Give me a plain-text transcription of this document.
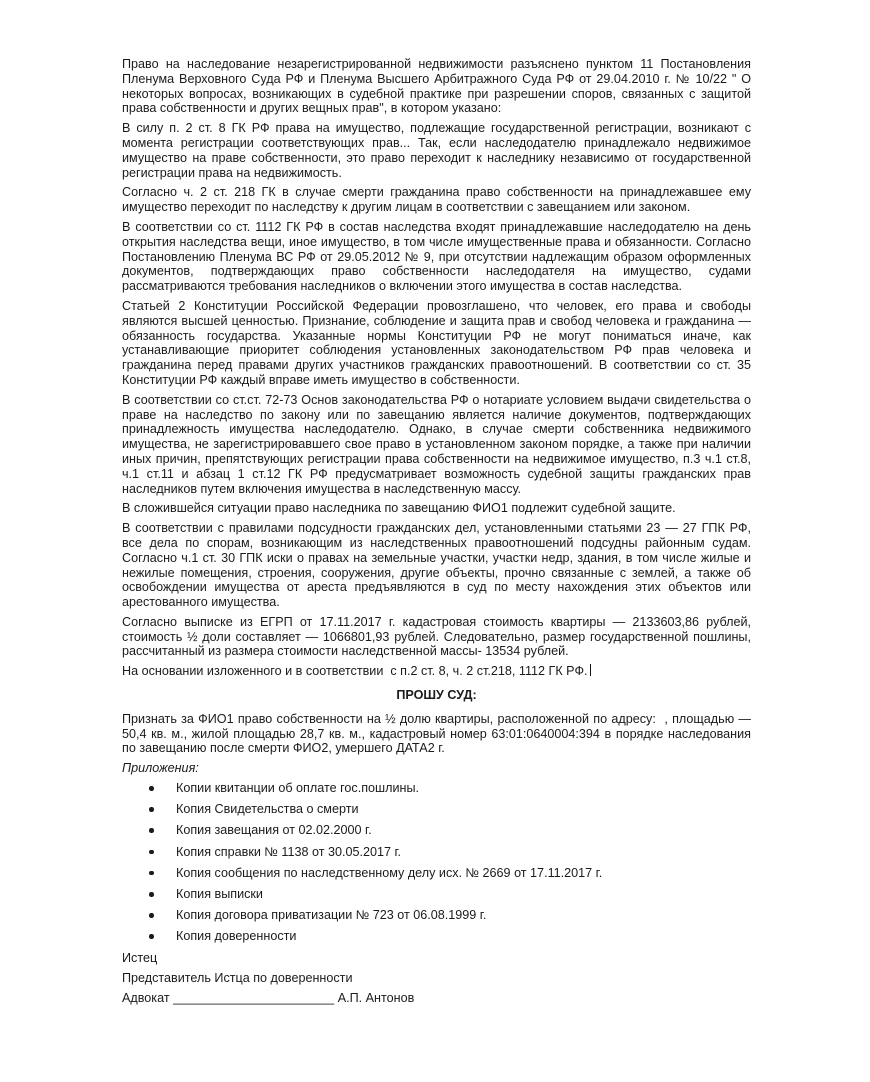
Право на наследование незарегистрированной недвижимости разъяснено пунктом 11 Постановления Пленума Верховного Суда РФ и Пленума Высшего Арбитражного Суда РФ от 29.04.2010 г. № 10/22 " О некоторых вопросах, возникающих в судебной практике при разрешении споров, связанных с защитой права собственности и других вещных прав", в котором указано:

В силу п. 2 ст. 8 ГК РФ права на имущество, подлежащие государственной регистрации, возникают с момента регистрации соответствующих прав... Так, если наследодателю принадлежало недвижимое имущество на праве собственности, это право переходит к наследнику независимо от государственной регистрации права на недвижимость.

Согласно ч. 2 ст. 218 ГК в случае смерти гражданина право собственности на принадлежавшее ему имущество переходит по наследству к другим лицам в соответствии с завещанием или законом.

В соответствии со ст. 1112 ГК РФ в состав наследства входят принадлежавшие наследодателю на день открытия наследства вещи, иное имущество, в том числе имущественные права и обязанности. Согласно Постановлению Пленума ВС РФ от 29.05.2012 № 9, при отсутствии надлежащим образом оформленных документов, подтверждающих право собственности наследодателя на имущество, судами рассматриваются требования наследников о включении этого имущества в состав наследства.

Статьей 2 Конституции Российской Федерации провозглашено, что человек, его права и свободы являются высшей ценностью. Признание, соблюдение и защита прав и свобод человека и гражданина — обязанность государства. Указанные нормы Конституции РФ не могут пониматься иначе, как устанавливающие приоритет соблюдения установленных законодательством РФ прав человека и гражданина перед правами других участников гражданских правоотношений. В соответствии со ст. 35 Конституции РФ каждый вправе иметь имущество в собственности.

В соответствии со ст.ст. 72-73 Основ законодательства РФ о нотариате условием выдачи свидетельства о праве на наследство по закону или по завещанию является наличие документов, подтверждающих принадлежность имущества наследодателю. Однако, в случае смерти собственника недвижимого имущества, не зарегистрировавшего свое право в установленном законом порядке, а также при наличии иных причин, препятствующих регистрации права собственности на недвижимое имущество, п.3 ч.1 ст.8, ч.1 ст.11 и абзац 1 ст.12 ГК РФ предусматривает возможность судебной защиты гражданских прав наследников путем включения имущества в наследственную массу.

В сложившейся ситуации право наследника по завещанию ФИО1 подлежит судебной защите.

В соответствии с правилами подсудности гражданских дел, установленными статьями 23 — 27 ГПК РФ, все дела по спорам, возникающим из наследственных правоотношений подсудны районным судам. Согласно ч.1 ст. 30 ГПК иски о правах на земельные участки, участки недр, здания, в том числе жилые и нежилые помещения, строения, сооружения, другие объекты, прочно связанные с землей, а также об освобождении имущества от ареста предъявляются в суд по месту нахождения этих объектов или арестованного имущества.

Согласно выписке из ЕГРП от 17.11.2017 г. кадастровая стоимость квартиры — 2133603,86 рублей, стоимость ½ доли составляет — 1066801,93 рублей. Следовательно, размер государственной пошлины, рассчитанный из размера стоимости наследственной массы- 13534 рублей.

На основании изложенного и в соответствии  с п.2 ст. 8, ч. 2 ст.218, 1112 ГК РФ.

ПРОШУ СУД:

Признать за ФИО1 право собственности на ½ долю квартиры, расположенной по адресу:  , площадью — 50,4 кв. м., жилой площадью 28,7 кв. м., кадастровый номер 63:01:0640004:394 в порядке наследования по завещанию после смерти ФИО2, умершего ДАТА2 г.

Приложения:

Копии квитанции об оплате гос.пошлины.
Копия Свидетельства о смерти
Копия завещания от 02.02.2000 г.
Копия справки № 1138 от 30.05.2017 г.
Копия сообщения по наследственному делу исх. № 2669 от 17.11.2017 г.
Копия выписки
Копия договора приватизации № 723 от 06.08.1999 г.
Копия доверенности

Истец

Представитель Истца по доверенности

Адвокат _______________________ А.П. Антонов
